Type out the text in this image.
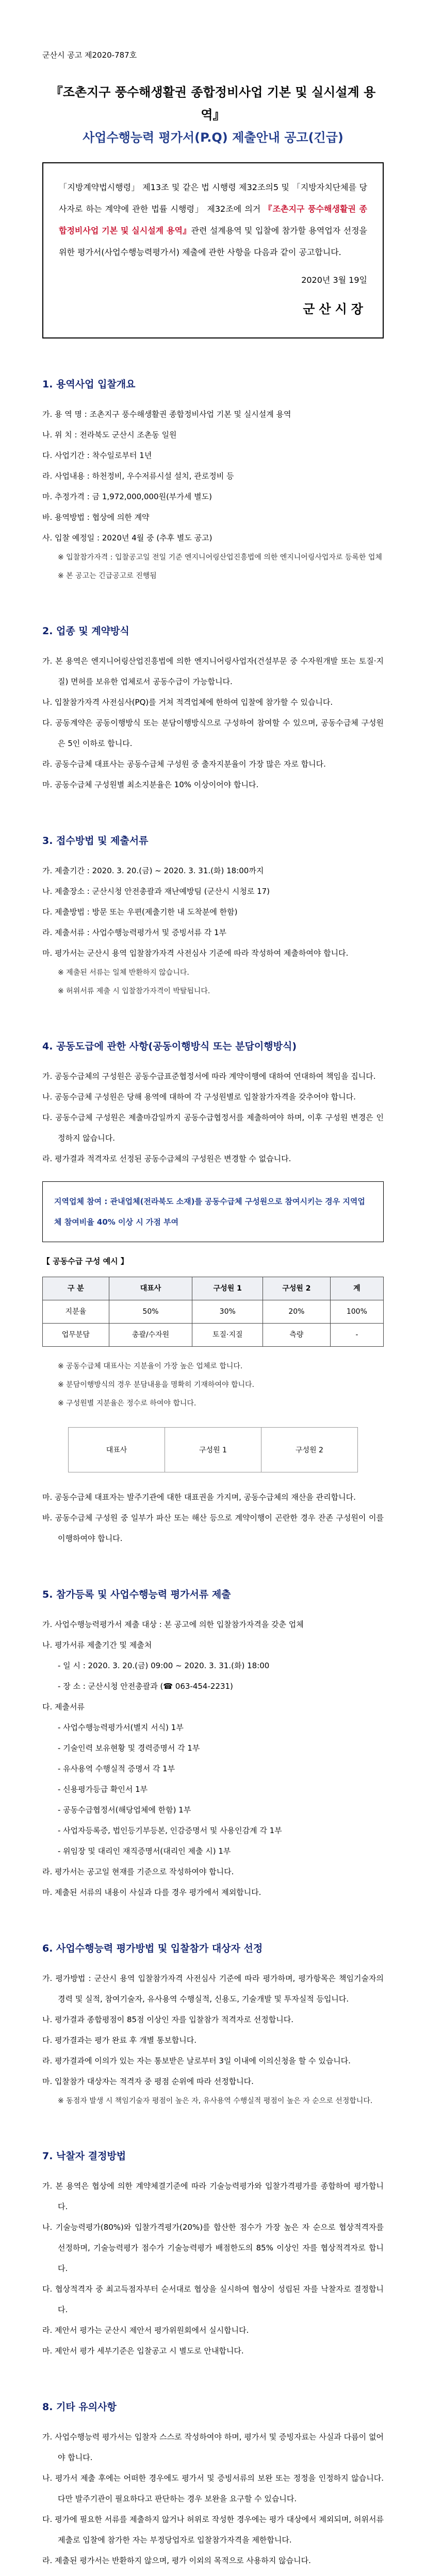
군산시 공고 제2020-787호
『조촌지구 풍수해생활권 종합정비사업 기본 및 실시설계 용역』
사업수행능력 평가서(P.Q) 제출안내 공고(긴급)
「지방계약법시행령」 제13조 및 같은 법 시행령 제32조의5 및 「지방자치단체를 당사자로 하는 계약에 관한 법률 시행령」 제32조에 의거 『조촌지구 풍수해생활권 종합정비사업 기본 및 실시설계 용역』관련 설계용역 및 입찰에 참가할 용역업자 선정을 위한 평가서(사업수행능력평가서) 제출에 관한 사항을 다음과 같이 공고합니다.
2020년 3월 19일
군산시장
1. 용역사업 입찰개요
가. 용 역 명 : 조촌지구 풍수해생활권 종합정비사업 기본 및 실시설계 용역
나. 위 치 : 전라북도 군산시 조촌동 일원
다. 사업기간 : 착수일로부터 1년
라. 사업내용 : 하천정비, 우수저류시설 설치, 관로정비 등
마. 추정가격 : 금 1,972,000,000원(부가세 별도)
바. 용역방법 : 협상에 의한 계약
사. 입찰 예정일 : 2020년 4월 중 (추후 별도 공고)
※ 입찰참가자격 : 입찰공고일 전일 기준 엔지니어링산업진흥법에 의한 엔지니어링사업자로 등록한 업체
※ 본 공고는 긴급공고로 진행됨
2. 업종 및 계약방식
가. 본 용역은 엔지니어링산업진흥법에 의한 엔지니어링사업자(건설부문 중 수자원개발 또는 토질·지질) 면허를 보유한 업체로서 공동수급이 가능합니다.
나. 입찰참가자격 사전심사(PQ)를 거쳐 적격업체에 한하여 입찰에 참가할 수 있습니다.
다. 공동계약은 공동이행방식 또는 분담이행방식으로 구성하여 참여할 수 있으며, 공동수급체 구성원은 5인 이하로 합니다.
라. 공동수급체 대표사는 공동수급체 구성원 중 출자지분율이 가장 많은 자로 합니다.
마. 공동수급체 구성원별 최소지분율은 10% 이상이어야 합니다.
3. 접수방법 및 제출서류
가. 제출기간 : 2020. 3. 20.(금) ~ 2020. 3. 31.(화) 18:00까지
나. 제출장소 : 군산시청 안전총괄과 재난예방팀 (군산시 시청로 17)
다. 제출방법 : 방문 또는 우편(제출기한 내 도착분에 한함)
라. 제출서류 : 사업수행능력평가서 및 증빙서류 각 1부
마. 평가서는 군산시 용역 입찰참가자격 사전심사 기준에 따라 작성하여 제출하여야 합니다.
※ 제출된 서류는 일체 반환하지 않습니다.
※ 허위서류 제출 시 입찰참가자격이 박탈됩니다.
4. 공동도급에 관한 사항(공동이행방식 또는 분담이행방식)
가. 공동수급체의 구성원은 공동수급표준협정서에 따라 계약이행에 대하여 연대하여 책임을 집니다.
나. 공동수급체 구성원은 당해 용역에 대하여 각 구성원별로 입찰참가자격을 갖추어야 합니다.
다. 공동수급체 구성원은 제출마감일까지 공동수급협정서를 제출하여야 하며, 이후 구성원 변경은 인정하지 않습니다.
라. 평가결과 적격자로 선정된 공동수급체의 구성원은 변경할 수 없습니다.
지역업체 참여 : 관내업체(전라북도 소재)를 공동수급체 구성원으로 참여시키는 경우 지역업체 참여비율 40% 이상 시 가점 부여
【 공동수급 구성 예시 】
구 분	대표사	구성원 1	구성원 2	계
지분율	50%	30%	20%	100%
업무분담	총괄/수자원	토질·지질	측량	-
※ 공동수급체 대표사는 지분율이 가장 높은 업체로 합니다.
※ 분담이행방식의 경우 분담내용을 명확히 기재하여야 합니다.
※ 구성원별 지분율은 정수로 하여야 합니다.
대표사	구성원 1	구성원 2
마. 공동수급체 대표자는 발주기관에 대한 대표권을 가지며, 공동수급체의 재산을 관리합니다.
바. 공동수급체 구성원 중 일부가 파산 또는 해산 등으로 계약이행이 곤란한 경우 잔존 구성원이 이를 이행하여야 합니다.
5. 참가등록 및 사업수행능력 평가서류 제출
가. 사업수행능력평가서 제출 대상 : 본 공고에 의한 입찰참가자격을 갖춘 업체
나. 평가서류 제출기간 및 제출처
- 일 시 : 2020. 3. 20.(금) 09:00 ~ 2020. 3. 31.(화) 18:00
- 장 소 : 군산시청 안전총괄과 (☎ 063-454-2231)
다. 제출서류
- 사업수행능력평가서(별지 서식) 1부
- 기술인력 보유현황 및 경력증명서 각 1부
- 유사용역 수행실적 증명서 각 1부
- 신용평가등급 확인서 1부
- 공동수급협정서(해당업체에 한함) 1부
- 사업자등록증, 법인등기부등본, 인감증명서 및 사용인감계 각 1부
- 위임장 및 대리인 재직증명서(대리인 제출 시) 1부
라. 평가서는 공고일 현재를 기준으로 작성하여야 합니다.
마. 제출된 서류의 내용이 사실과 다를 경우 평가에서 제외합니다.
6. 사업수행능력 평가방법 및 입찰참가 대상자 선정
가. 평가방법 : 군산시 용역 입찰참가자격 사전심사 기준에 따라 평가하며, 평가항목은 책임기술자의 경력 및 실적, 참여기술자, 유사용역 수행실적, 신용도, 기술개발 및 투자실적 등입니다.
나. 평가결과 종합평점이 85점 이상인 자를 입찰참가 적격자로 선정합니다.
다. 평가결과는 평가 완료 후 개별 통보합니다.
라. 평가결과에 이의가 있는 자는 통보받은 날로부터 3일 이내에 이의신청을 할 수 있습니다.
마. 입찰참가 대상자는 적격자 중 평점 순위에 따라 선정합니다.
※ 동점자 발생 시 책임기술자 평점이 높은 자, 유사용역 수행실적 평점이 높은 자 순으로 선정합니다.
7. 낙찰자 결정방법
가. 본 용역은 협상에 의한 계약체결기준에 따라 기술능력평가와 입찰가격평가를 종합하여 평가합니다.
나. 기술능력평가(80%)와 입찰가격평가(20%)를 합산한 점수가 가장 높은 자 순으로 협상적격자를 선정하며, 기술능력평가 점수가 기술능력평가 배점한도의 85% 이상인 자를 협상적격자로 합니다.
다. 협상적격자 중 최고득점자부터 순서대로 협상을 실시하여 협상이 성립된 자를 낙찰자로 결정합니다.
라. 제안서 평가는 군산시 제안서 평가위원회에서 실시합니다.
마. 제안서 평가 세부기준은 입찰공고 시 별도로 안내합니다.
8. 기타 유의사항
가. 사업수행능력 평가서는 입찰자 스스로 작성하여야 하며, 평가서 및 증빙자료는 사실과 다름이 없어야 합니다.
나. 평가서 제출 후에는 어떠한 경우에도 평가서 및 증빙서류의 보완 또는 정정을 인정하지 않습니다. 다만 발주기관이 필요하다고 판단하는 경우 보완을 요구할 수 있습니다.
다. 평가에 필요한 서류를 제출하지 않거나 허위로 작성한 경우에는 평가 대상에서 제외되며, 허위서류 제출로 입찰에 참가한 자는 부정당업자로 입찰참가자격을 제한합니다.
라. 제출된 평가서는 반환하지 않으며, 평가 이외의 목적으로 사용하지 않습니다.
